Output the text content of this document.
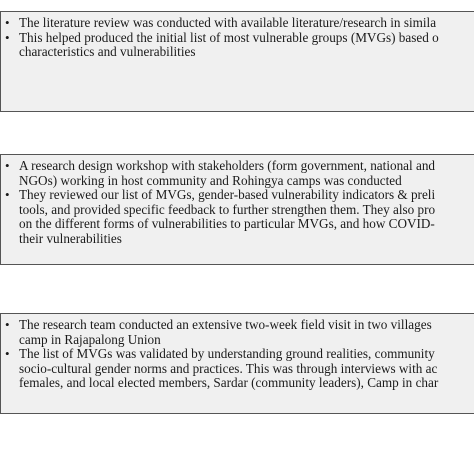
• The literature review was conducted with available literature/research in simila
• This helped produced the initial list of most vulnerable groups (MVGs) based o
characteristics and vulnerabilities
• A research design workshop with stakeholders (form government, national and
NGOs) working in host community and Rohingya camps was conducted
• They reviewed our list of MVGs, gender-based vulnerability indicators & preli
tools, and provided specific feedback to further strengthen them. They also pro
on the different forms of vulnerabilities to particular MVGs, and how COVID-
their vulnerabilities
• The research team conducted an extensive two-week field visit in two villages
camp in Rajapalong Union
• The list of MVGs was validated by understanding ground realities, community
socio-cultural gender norms and practices. This was through interviews with ac
females, and local elected members, Sardar (community leaders), Camp in char
